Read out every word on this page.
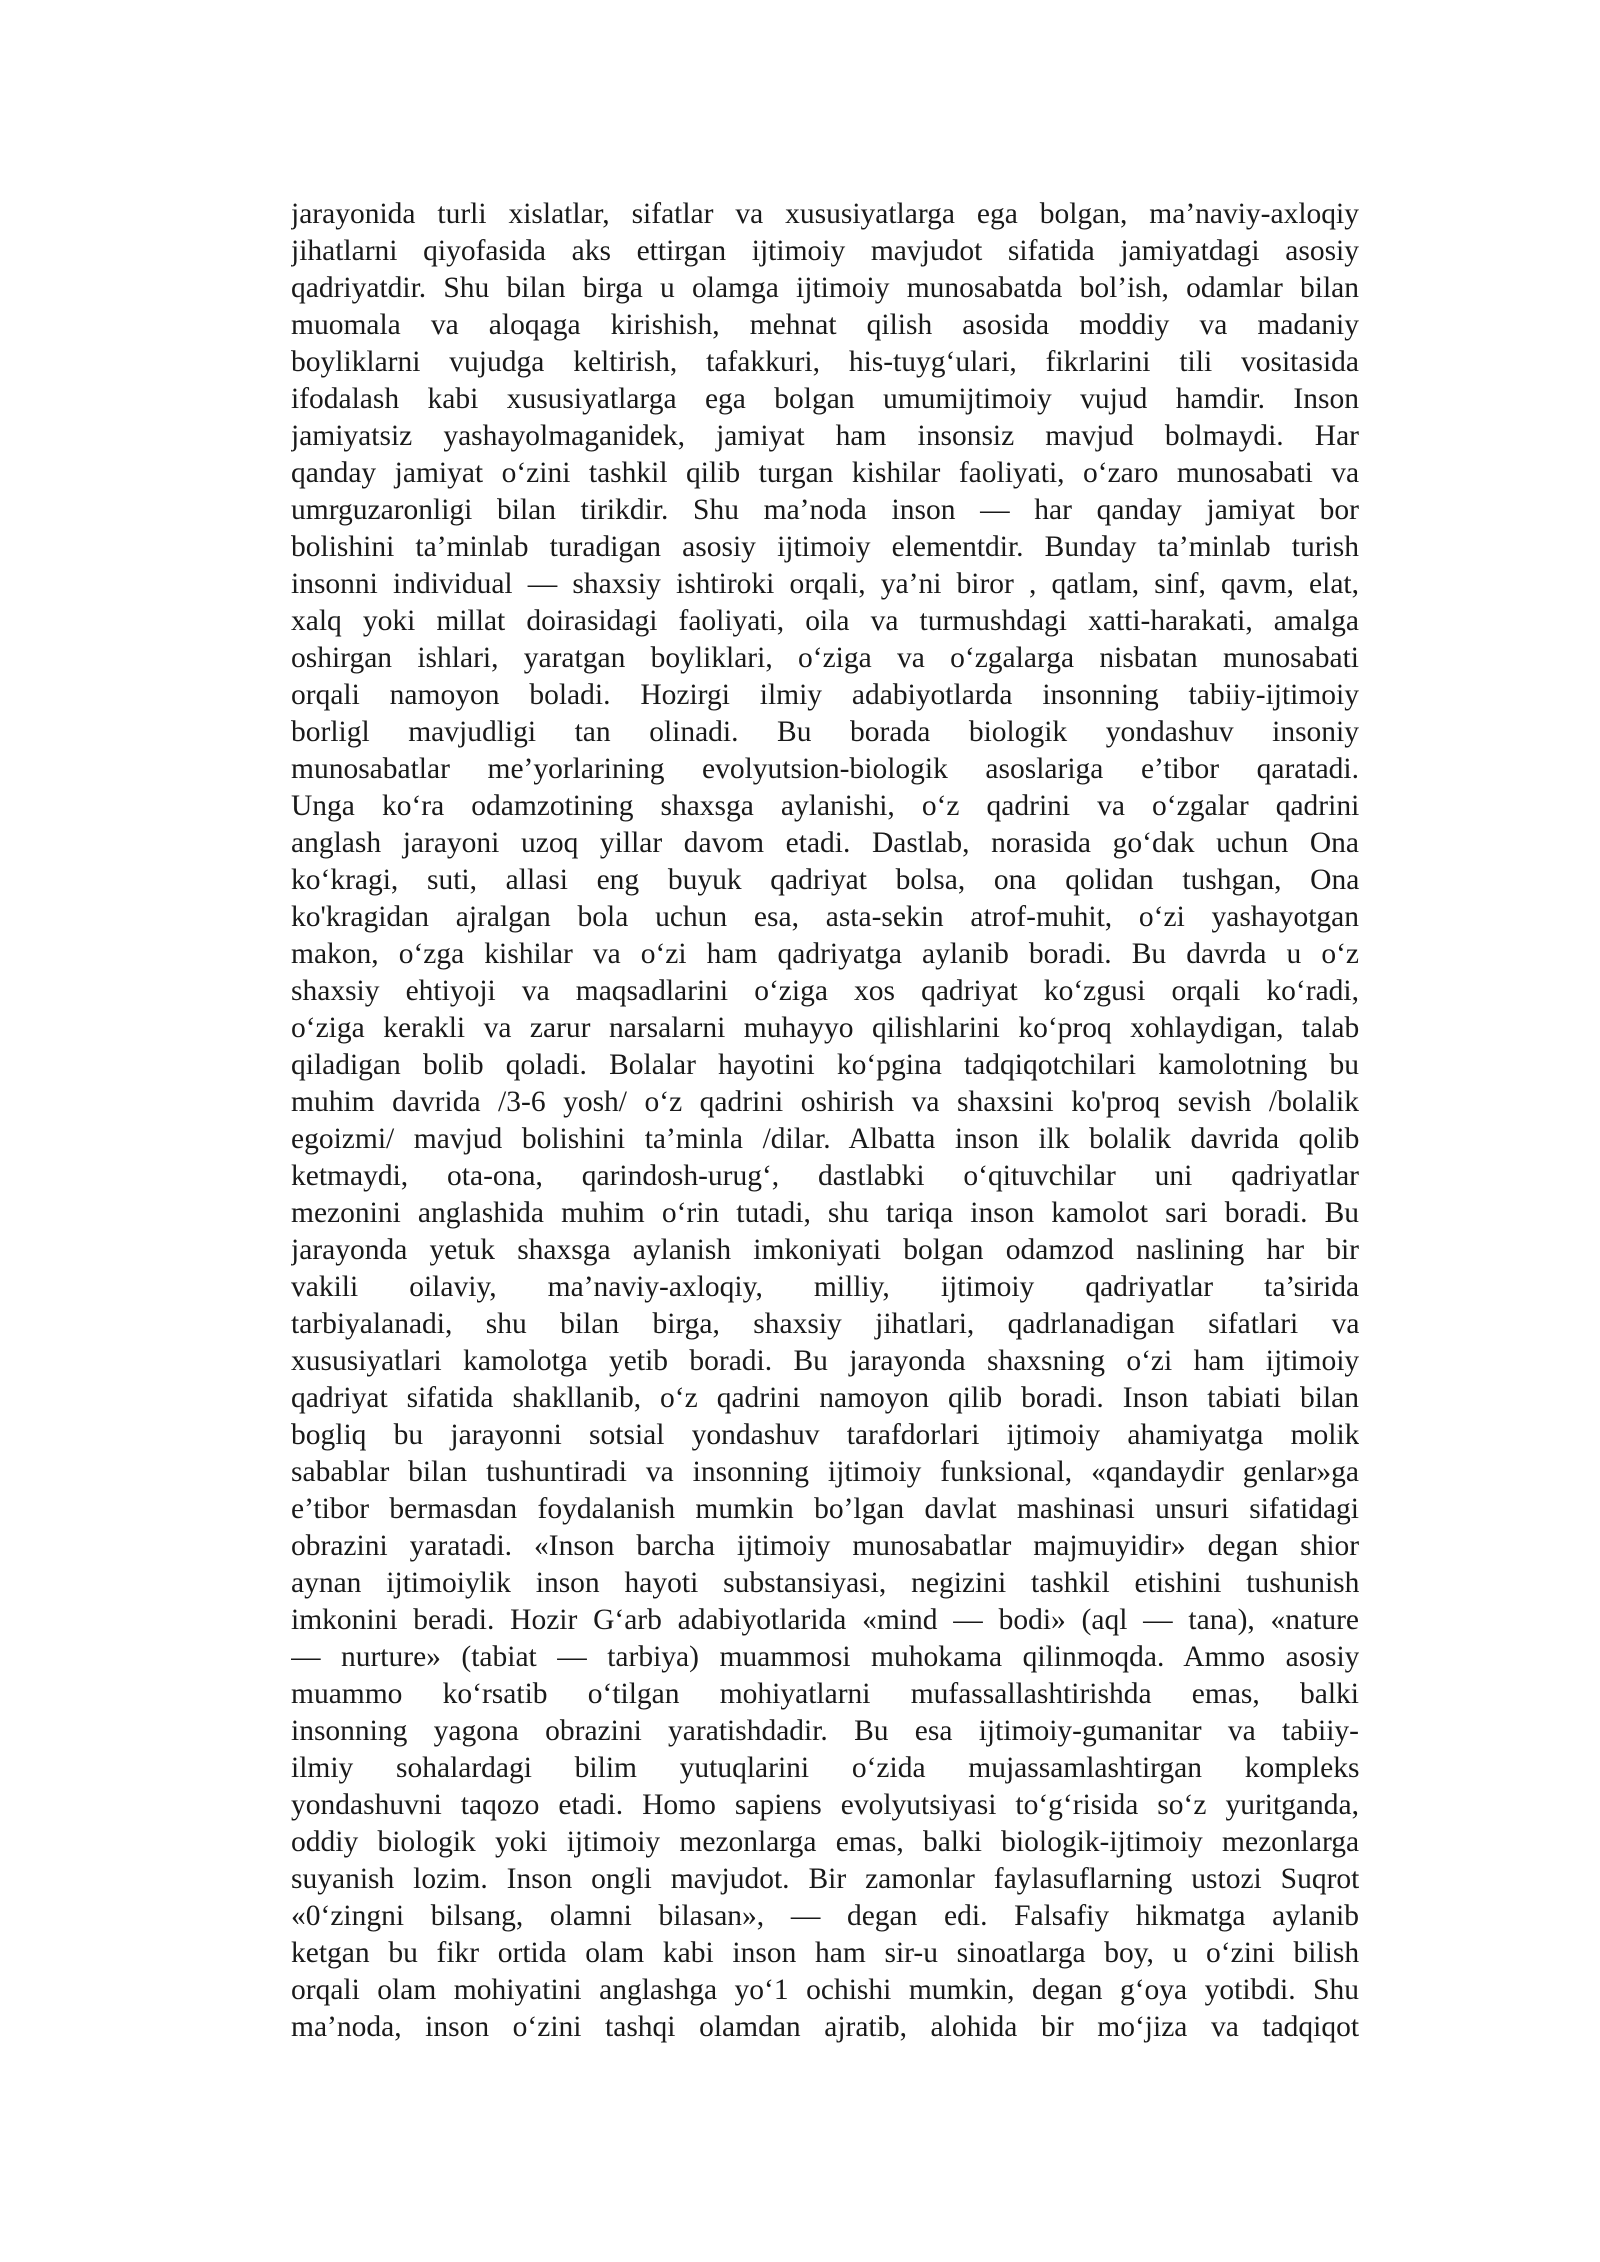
jarayonida turli xislatlar, sifatlar va xususiyatlarga ega bolgan, ma’naviy-axloqiy
jihatlarni qiyofasida aks ettirgan ijtimoiy mavjudot sifatida jamiyatdagi asosiy
qadriyatdir. Shu bilan birga u olamga ijtimoiy munosabatda bol’ish, odamlar bilan
muomala va aloqaga kirishish, mehnat qilish asosida moddiy va madaniy
boyliklarni vujudga keltirish, tafakkuri, his-tuyg‘ulari, fikrlarini tili vositasida
ifodalash kabi xususiyatlarga ega bolgan umumijtimoiy vujud hamdir. Inson
jamiyatsiz yashayolmaganidek, jamiyat ham insonsiz mavjud bolmaydi. Har
qanday jamiyat o‘zini tashkil qilib turgan kishilar faoliyati, o‘zaro munosabati va
umrguzaronligi bilan tirikdir. Shu ma’noda inson — har qanday jamiyat bor
bolishini ta’minlab turadigan asosiy ijtimoiy elementdir. Bunday ta’minlab turish
insonni individual — shaxsiy ishtiroki orqali, ya’ni biror , qatlam, sinf, qavm, elat,
xalq yoki millat doirasidagi faoliyati, oila va turmushdagi xatti-harakati, amalga
oshirgan ishlari, yaratgan boyliklari, o‘ziga va o‘zgalarga nisbatan munosabati
orqali namoyon boladi. Hozirgi ilmiy adabiyotlarda insonning tabiiy-ijtimoiy
borligl mavjudligi tan olinadi. Bu borada biologik yondashuv insoniy
munosabatlar me’yorlarining evolyutsion-biologik asoslariga e’tibor qaratadi.
Unga ko‘ra odamzotining shaxsga aylanishi, o‘z qadrini va o‘zgalar qadrini
anglash jarayoni uzoq yillar davom etadi. Dastlab, norasida go‘dak uchun Ona
ko‘kragi, suti, allasi eng buyuk qadriyat bolsa, ona qolidan tushgan, Ona
ko'kragidan ajralgan bola uchun esa, asta-sekin atrof-muhit, o‘zi yashayotgan
makon, o‘zga kishilar va o‘zi ham qadriyatga aylanib boradi. Bu davrda u o‘z
shaxsiy ehtiyoji va maqsadlarini o‘ziga xos qadriyat ko‘zgusi orqali ko‘radi,
o‘ziga kerakli va zarur narsalarni muhayyo qilishlarini ko‘proq xohlaydigan, talab
qiladigan bolib qoladi. Bolalar hayotini ko‘pgina tadqiqotchilari kamolotning bu
muhim davrida /3-6 yosh/ o‘z qadrini oshirish va shaxsini ko'proq sevish /bolalik
egoizmi/ mavjud bolishini ta’minla /dilar. Albatta inson ilk bolalik davrida qolib
ketmaydi, ota-ona, qarindosh-urug‘, dastlabki o‘qituvchilar uni qadriyatlar
mezonini anglashida muhim o‘rin tutadi, shu tariqa inson kamolot sari boradi. Bu
jarayonda yetuk shaxsga aylanish imkoniyati bolgan odamzod naslining har bir
vakili oilaviy, ma’naviy-axloqiy, milliy, ijtimoiy qadriyatlar ta’sirida
tarbiyalanadi, shu bilan birga, shaxsiy jihatlari, qadrlanadigan sifatlari va
xususiyatlari kamolotga yetib boradi. Bu jarayonda shaxsning o‘zi ham ijtimoiy
qadriyat sifatida shakllanib, o‘z qadrini namoyon qilib boradi. Inson tabiati bilan
bogliq bu jarayonni sotsial yondashuv tarafdorlari ijtimoiy ahamiyatga molik
sabablar bilan tushuntiradi va insonning ijtimoiy funksional, «qandaydir genlar»ga
e’tibor bermasdan foydalanish mumkin bo’lgan davlat mashinasi unsuri sifatidagi
obrazini yaratadi. «Inson barcha ijtimoiy munosabatlar majmuyidir» degan shior
aynan ijtimoiylik inson hayoti substansiyasi, negizini tashkil etishini tushunish
imkonini beradi. Hozir G‘arb adabiyotlarida «mind — bodi» (aql — tana), «nature
— nurture» (tabiat — tarbiya) muammosi muhokama qilinmoqda. Ammo asosiy
muammo ko‘rsatib o‘tilgan mohiyatlarni mufassallashtirishda emas, balki
insonning yagona obrazini yaratishdadir. Bu esa ijtimoiy-gumanitar va tabiiy-
ilmiy sohalardagi bilim yutuqlarini o‘zida mujassamlashtirgan kompleks
yondashuvni taqozo etadi. Homo sapiens evolyutsiyasi to‘g‘risida so‘z yuritganda,
oddiy biologik yoki ijtimoiy mezonlarga emas, balki biologik-ijtimoiy mezonlarga
suyanish lozim. Inson ongli mavjudot. Bir zamonlar faylasuflarning ustozi Suqrot
«0‘zingni bilsang, olamni bilasan», — degan edi. Falsafiy hikmatga aylanib
ketgan bu fikr ortida olam kabi inson ham sir-u sinoatlarga boy, u o‘zini bilish
orqali olam mohiyatini anglashga yo‘1 ochishi mumkin, degan g‘oya yotibdi. Shu
ma’noda, inson o‘zini tashqi olamdan ajratib, alohida bir mo‘jiza va tadqiqot
